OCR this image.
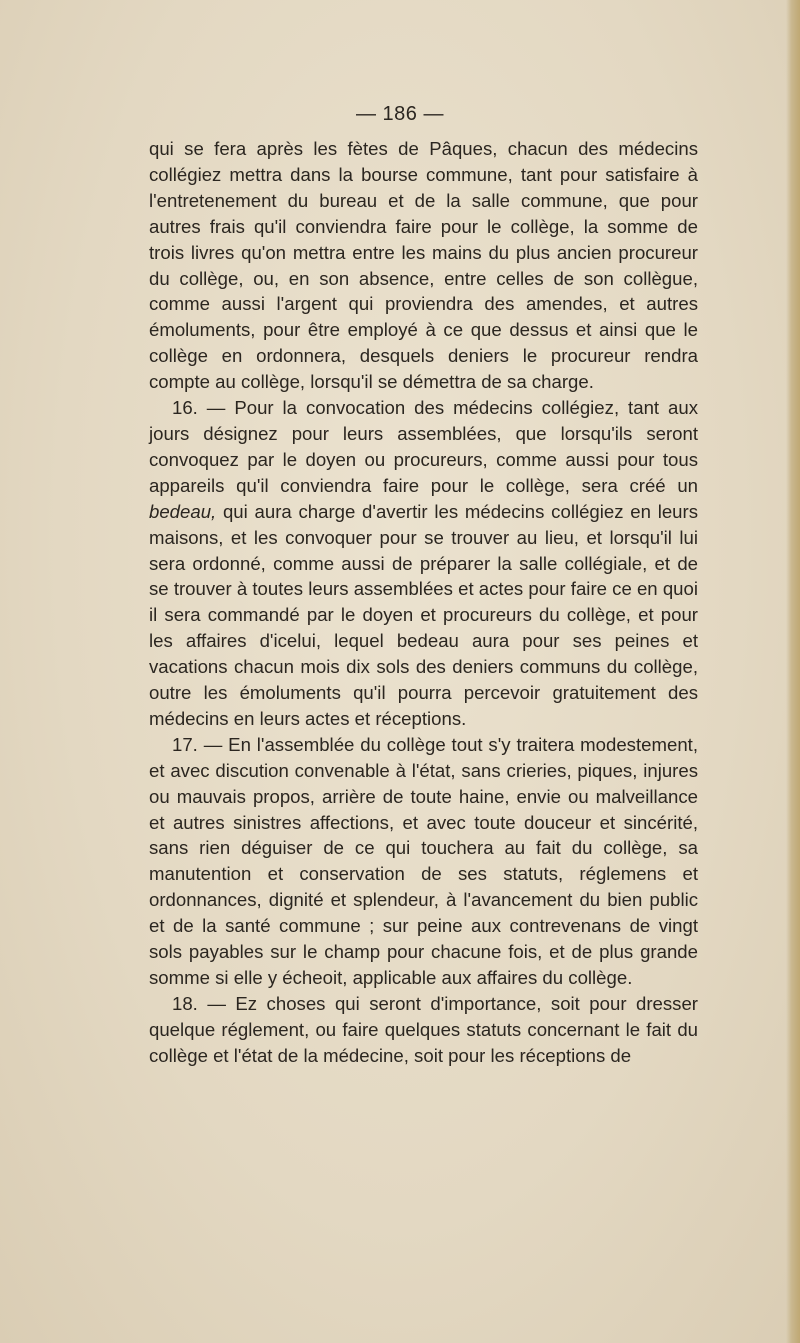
— 186 —

qui se fera après les fètes de Pâques, chacun des médecins collégiez mettra dans la bourse commune, tant pour satisfaire à l'entretenement du bureau et de la salle commune, que pour autres frais qu'il conviendra faire pour le collège, la somme de trois livres qu'on mettra entre les mains du plus ancien procureur du collège, ou, en son absence, entre celles de son collègue, comme aussi l'argent qui proviendra des amendes, et autres émoluments, pour être employé à ce que dessus et ainsi que le collège en ordonnera, desquels deniers le procureur rendra compte au collège, lorsqu'il se démettra de sa charge.

16. — Pour la convocation des médecins collégiez, tant aux jours désignez pour leurs assemblées, que lorsqu'ils seront convoquez par le doyen ou procureurs, comme aussi pour tous appareils qu'il conviendra faire pour le collège, sera créé un bedeau, qui aura charge d'avertir les médecins collégiez en leurs maisons, et les convoquer pour se trouver au lieu, et lorsqu'il lui sera ordonné, comme aussi de préparer la salle collégiale, et de se trouver à toutes leurs assemblées et actes pour faire ce en quoi il sera commandé par le doyen et procureurs du collège, et pour les affaires d'icelui, lequel bedeau aura pour ses peines et vacations chacun mois dix sols des deniers communs du collège, outre les émoluments qu'il pourra percevoir gratuitement des médecins en leurs actes et réceptions.

17. — En l'assemblée du collège tout s'y traitera modestement, et avec discution convenable à l'état, sans crieries, piques, injures ou mauvais propos, arrière de toute haine, envie ou malveillance et autres sinistres affections, et avec toute douceur et sincérité, sans rien déguiser de ce qui touchera au fait du collège, sa manutention et conservation de ses statuts, réglemens et ordonnances, dignité et splendeur, à l'avancement du bien public et de la santé commune ; sur peine aux contrevenans de vingt sols payables sur le champ pour chacune fois, et de plus grande somme si elle y écheoit, applicable aux affaires du collège.

18. — Ez choses qui seront d'importance, soit pour dresser quelque réglement, ou faire quelques statuts concernant le fait du collège et l'état de la médecine, soit pour les réceptions de
